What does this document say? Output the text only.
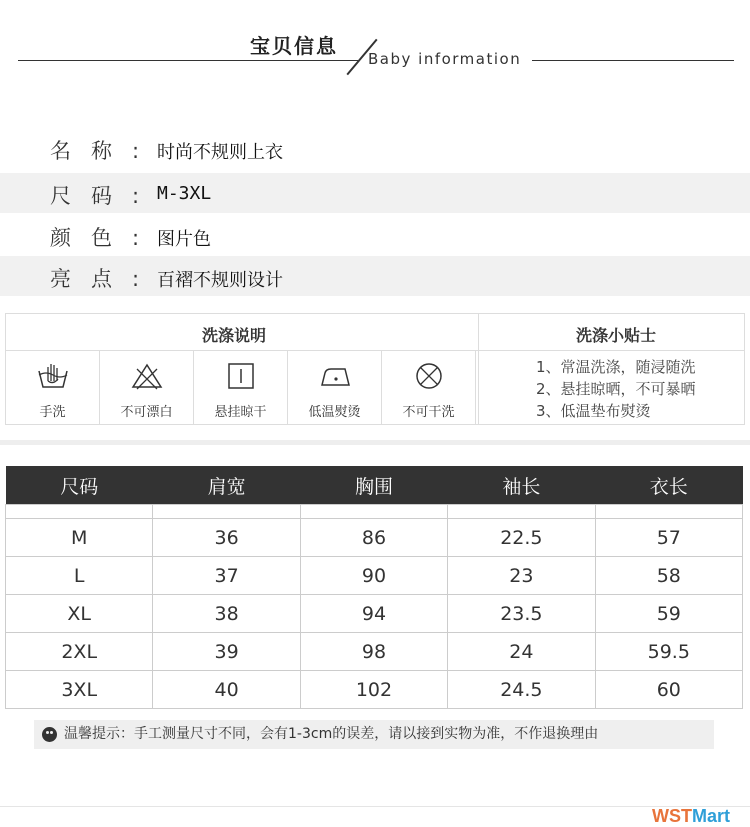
宝贝信息
Baby information
名称:
时尚不规则上衣
尺码:
M-3XL
颜色:
图片色
亮点:
百褶不规则设计
洗涤说明	洗涤小贴士
手洗	不可漂白	悬挂晾干	低温熨烫	不可干洗
1、常温洗涤，随浸随洗
2、悬挂晾晒，不可暴晒
3、低温垫布熨烫
尺码	肩宽	胸围	袖长	衣长

M	36	86	22.5	57
L	37	90	23	58
XL	38	94	23.5	59
2XL	39	98	24	59.5
3XL	40	102	24.5	60
温馨提示：手工测量尺寸不同，会有1-3cm的误差，请以接到实物为准，不作退换理由
WSTMart
